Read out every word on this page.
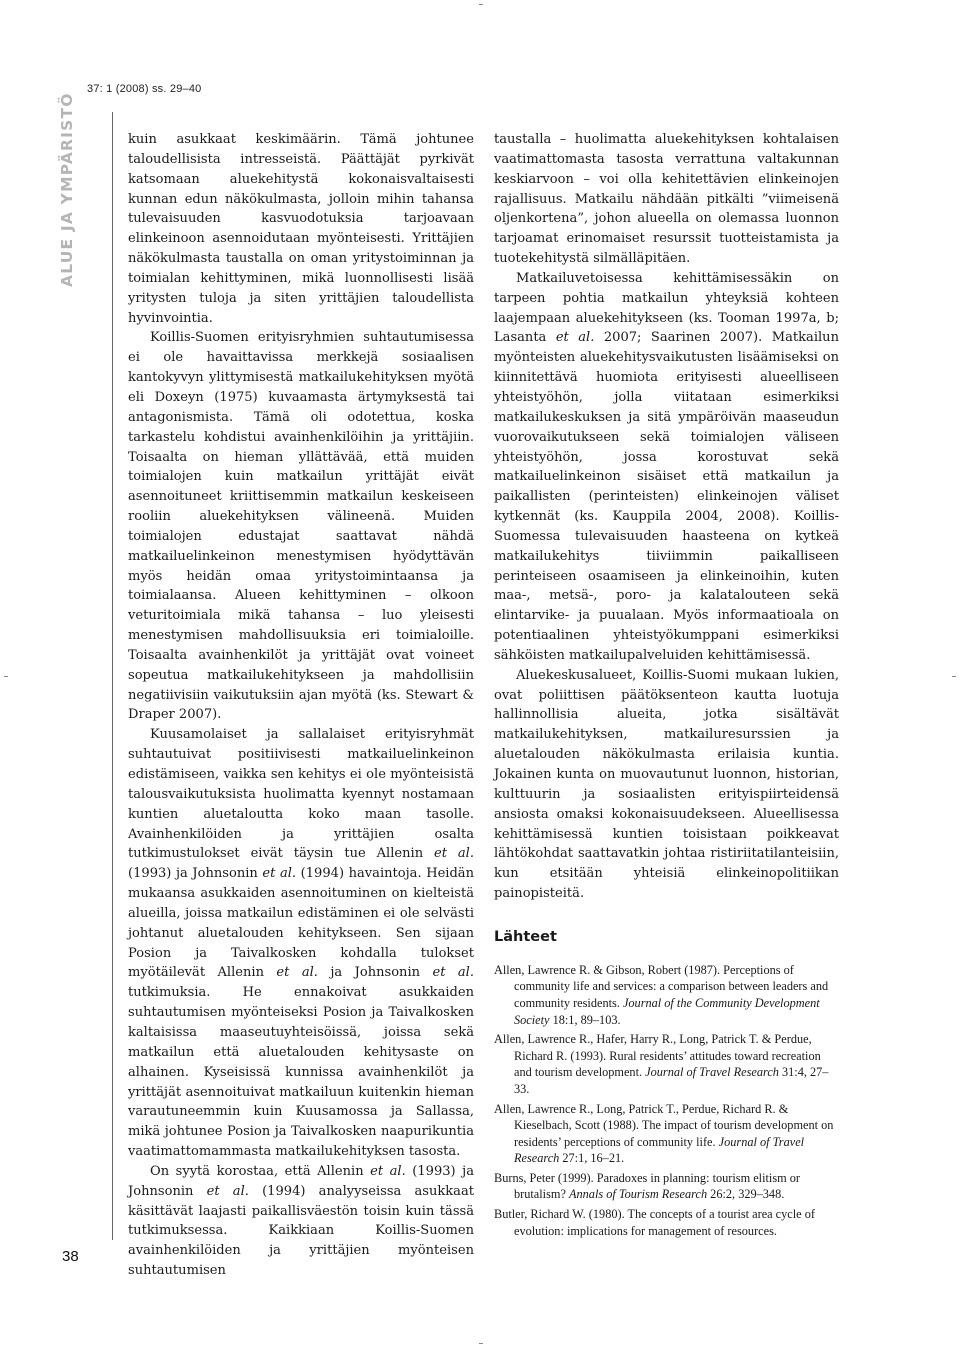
37: 1 (2008) ss. 29–40
ALUE JA YMPÄRISTÖ
38

kuin asukkaat keskimäärin. Tämä johtunee taloudellisista intresseistä. Päättäjät pyrkivät katsomaan aluekehitystä kokonaisvaltaisesti kunnan edun näkökulmasta, jolloin mihin tahansa tulevaisuuden kasvuodotuksia tarjoavaan elinkeinoon asennoidutaan myönteisesti. Yrittäjien näkökulmasta taustalla on oman yritystoiminnan ja toimialan kehittyminen, mikä luonnollisesti lisää yritysten tuloja ja siten yrittäjien taloudellista hyvinvointia.

Koillis-Suomen erityisryhmien suhtautumisessa ei ole havaittavissa merkkejä sosiaalisen kantokyvyn ylittymisestä matkailukehityksen myötä eli Doxeyn (1975) kuvaamasta ärtymyksestä tai antagonismista. Tämä oli odotettua, koska tarkastelu kohdistui avainhenkilöihin ja yrittäjiin. Toisaalta on hieman yllättävää, että muiden toimialojen kuin matkailun yrittäjät eivät asennoituneet kriittisemmin matkailun keskeiseen rooliin aluekehityksen välineenä. Muiden toimialojen edustajat saattavat nähdä matkailuelinkeinon menestymisen hyödyttävän myös heidän omaa yritystoimintaansa ja toimialaansa. Alueen kehittyminen – olkoon veturitoimiala mikä tahansa – luo yleisesti menestymisen mahdollisuuksia eri toimialoille. Toisaalta avainhenkilöt ja yrittäjät ovat voineet sopeutua matkailukehitykseen ja mahdollisiin negatiivisiin vaikutuksiin ajan myötä (ks. Stewart & Draper 2007).

Kuusamolaiset ja sallalaiset erityisryhmät suhtautuivat positiivisesti matkailuelinkeinon edistämiseen, vaikka sen kehitys ei ole myönteisistä talousvaikutuksista huolimatta kyennyt nostamaan kuntien aluetaloutta koko maan tasolle. Avainhenkilöiden ja yrittäjien osalta tutkimustulokset eivät täysin tue Allenin et al. (1993) ja Johnsonin et al. (1994) havaintoja. Heidän mukaansa asukkaiden asennoituminen on kielteistä alueilla, joissa matkailun edistäminen ei ole selvästi johtanut aluetalouden kehitykseen. Sen sijaan Posion ja Taivalkosken kohdalla tulokset myötäilevät Allenin et al. ja Johnsonin et al. tutkimuksia. He ennakoivat asukkaiden suhtautumisen myönteiseksi Posion ja Taivalkosken kaltaisissa maaseutuyhteisöissä, joissa sekä matkailun että aluetalouden kehitysaste on alhainen. Kyseisissä kunnissa avainhenkilöt ja yrittäjät asennoituivat matkailuun kuitenkin hieman varautuneemmin kuin Kuusamossa ja Sallassa, mikä johtunee Posion ja Taivalkosken naapurikuntia vaatimattomammasta matkailukehityksen tasosta.

On syytä korostaa, että Allenin et al. (1993) ja Johnsonin et al. (1994) analyyseissa asukkaat käsittävät laajasti paikallisväestön toisin kuin tässä tutkimuksessa. Kaikkiaan Koillis-Suomen avainhenkilöiden ja yrittäjien myönteisen suhtautumisen

taustalla – huolimatta aluekehityksen kohtalaisen vaatimattomasta tasosta verrattuna valtakunnan keskiarvoon – voi olla kehitettävien elinkeinojen rajallisuus. Matkailu nähdään pitkälti ”viimeisenä oljenkortena”, johon alueella on olemassa luonnon tarjoamat erinomaiset resurssit tuotteistamista ja tuotekehitystä silmälläpitäen.

Matkailuvetoisessa kehittämisessäkin on tarpeen pohtia matkailun yhteyksiä kohteen laajempaan aluekehitykseen (ks. Tooman 1997a, b; Lasanta et al. 2007; Saarinen 2007). Matkailun myönteisten aluekehitysvaikutusten lisäämiseksi on kiinnitettävä huomiota erityisesti alueelliseen yhteistyöhön, jolla viitataan esimerkiksi matkailukeskuksen ja sitä ympäröivän maaseudun vuorovaikutukseen sekä toimialojen väliseen yhteistyöhön, jossa korostuvat sekä matkailuelinkeinon sisäiset että matkailun ja paikallisten (perinteisten) elinkeinojen väliset kytkennät (ks. Kauppila 2004, 2008). Koillis-Suomessa tulevaisuuden haasteena on kytkeä matkailukehitys tiiviimmin paikalliseen perinteiseen osaamiseen ja elinkeinoihin, kuten maa-, metsä-, poro- ja kalatalouteen sekä elintarvike- ja puualaan. Myös informaatioala on potentiaalinen yhteistyökumppani esimerkiksi sähköisten matkailupalveluiden kehittämisessä.

Aluekeskusalueet, Koillis-Suomi mukaan lukien, ovat poliittisen päätöksenteon kautta luotuja hallinnollisia alueita, jotka sisältävät matkailukehityksen, matkailuresurssien ja aluetalouden näkökulmasta erilaisia kuntia. Jokainen kunta on muovautunut luonnon, historian, kulttuurin ja sosiaalisten erityispiirteidensä ansiosta omaksi kokonaisuudekseen. Alueellisessa kehittämisessä kuntien toisistaan poikkeavat lähtökohdat saattavatkin johtaa ristiriitatilanteisiin, kun etsitään yhteisiä elinkeinopolitiikan painopisteitä.

Lähteet
Allen, Lawrence R. & Gibson, Robert (1987). Perceptions of community life and services: a comparison between leaders and community residents. Journal of the Community Development Society 18:1, 89–103.
Allen, Lawrence R., Hafer, Harry R., Long, Patrick T. & Perdue, Richard R. (1993). Rural residents’ attitudes toward recreation and tourism development. Journal of Travel Research 31:4, 27–33.
Allen, Lawrence R., Long, Patrick T., Perdue, Richard R. & Kieselbach, Scott (1988). The impact of tourism development on residents’ perceptions of community life. Journal of Travel Research 27:1, 16–21.
Burns, Peter (1999). Paradoxes in planning: tourism elitism or brutalism? Annals of Tourism Research 26:2, 329–348.
Butler, Richard W. (1980). The concepts of a tourist area cycle of evolution: implications for management of resources.
